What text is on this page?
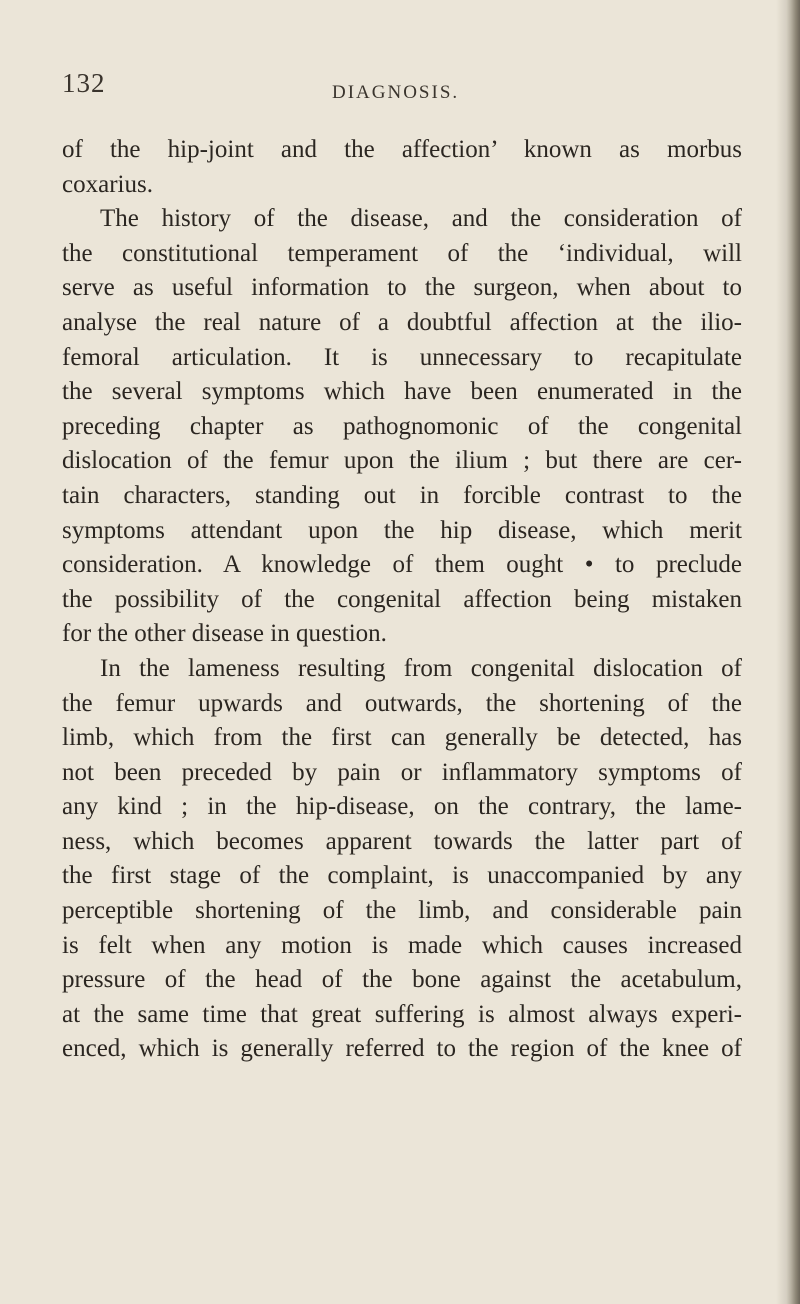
132	DIAGNOSIS.
of the hip-joint and the affection’ known as morbus
coxarius.
The history of the disease, and the consideration of
the constitutional temperament of the ‘individual, will
serve as useful information to the surgeon, when about to
analyse the real nature of a doubtful affection at the ilio-
femoral articulation. It is unnecessary to recapitulate
the several symptoms which have been enumerated in the
preceding chapter as pathognomonic of the congenital
dislocation of the femur upon the ilium ; but there are cer-
tain characters, standing out in forcible contrast to the
symptoms attendant upon the hip disease, which merit
consideration. A knowledge of them ought • to preclude
the possibility of the congenital affection being mistaken
for the other disease in question.
In the lameness resulting from congenital dislocation of
the femur upwards and outwards, the shortening of the
limb, which from the first can generally be detected, has
not been preceded by pain or inflammatory symptoms of
any kind ; in the hip-disease, on the contrary, the lame-
ness, which becomes apparent towards the latter part of
the first stage of the complaint, is unaccompanied by any
perceptible shortening of the limb, and considerable pain
is felt when any motion is made which causes increased
pressure of the head of the bone against the acetabulum,
at the same time that great suffering is almost always experi-
enced, which is generally referred to the region of the knee of
